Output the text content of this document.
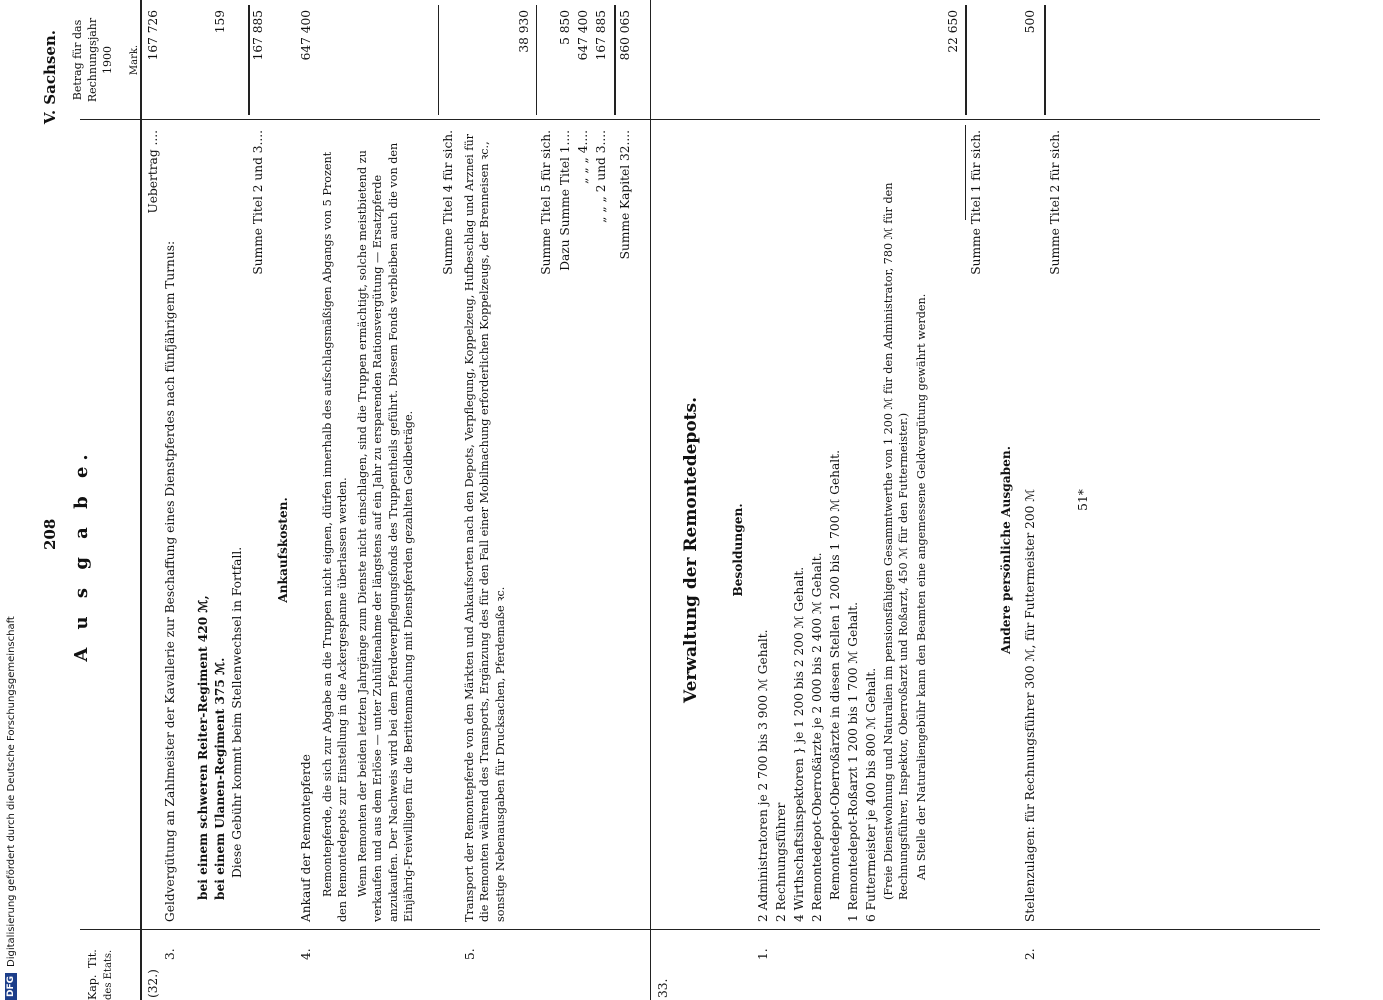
DFG
Digitalisierung gefördert durch die Deutsche Forschungsgemeinschaft
208
V. Sachsen.
A u s g a b e.
Kap.
Tit. des Etats.
Betrag für das Rechnungsjahr 1900 Mark.
(32.)
3.
Uebertrag ....
167 726
Geldvergütung an Zahlmeister der Kavallerie zur Beschaffung eines Dienstpferdes nach fünfjährigem Turnus: bei einem schweren Reiter-Regiment 420 ℳ, bei einem Ulanen-Regiment 375 ℳ.
159
Diese Gebühr kommt beim Stellenwechsel in Fortfall.
Summe Titel 2 und 3....
167 885
Ankaufskosten.
4.
Ankauf der Remontepferde
647 400
Remontepferde, die sich zur Abgabe an die Truppen nicht eignen, dürfen innerhalb des aufschlagsmäßigen Abgangs von 5 Prozent den Remontedepots zur Einstellung in die Ackergespanne überlassen werden. Wenn Remonten der beiden letzten Jahrgänge zum Dienste nicht einschlagen, sind die Truppen ermächtigt, solche meistbietend zu verkaufen und aus dem Erlöse — unter Zuhülfenahme der längstens auf ein Jahr zu ersparenden Rationsvergütung — Ersatzpferde anzukaufen. Der Nachweis wird bei dem Pferdeverpflegungsfonds des Truppentheils geführt. Diesem Fonds verbleiben auch die von den Einjährig-Freiwilligen für die Berittenmachung mit Dienstpferden gezahlten Geldbeträge.
Summe Titel 4 für sich.
5.
Transport der Remontepferde von den Märkten und Ankaufsorten nach den Depots, Verpflegung, Koppelzeug, Hufbeschlag und Arznei für die Remonten während des Transports, Ergänzung des für den Fall einer Mobilmachung erforderlichen Koppelzeugs, der Brenneisen ꝛc., sonstige Nebenausgaben für Drucksachen, Pferdemaße ꝛc.
38 930
Summe Titel 5 für sich. Dazu Summe Titel 1....
5 850
„ „ „ 4....
647 400
„ „ „ 2 und 3....
167 885
Summe Kapitel 32....
860 065
33.
Verwaltung der Remontedepots. Besoldungen.
1.
2 Administratoren je 2 700 bis 3 900 ℳ Gehalt. 2 Rechnungsführer 4 Wirthschaftsinspektoren } je 1 200 bis 2 200 ℳ Gehalt. 2 Remontedepot-Oberroßärzte je 2 000 bis 2 400 ℳ Gehalt. Remontedepot-Oberroßärzte in diesen Stellen 1 200 bis 1 700 ℳ Gehalt. 1 Remontedepot-Roßarzt 1 200 bis 1 700 ℳ Gehalt. 6 Futtermeister je 400 bis 800 ℳ Gehalt. (Freie Dienstwohnung und Naturalien im pensionsfähigen Gesammtwerthe von 1 200 ℳ für den Administrator, 780 ℳ für den Rechnungsführer, Inspektor, Oberroßarzt und Roßarzt, 450 ℳ für den Futtermeister.) An Stelle der Naturaliengebühr kann den Beamten eine angemessene Geldvergütung gewährt werden.
22 650
Summe Titel 1 für sich.
Andere persönliche Ausgaben.
2.
Stellenzulagen: für Rechnungsführer 300 ℳ, für Futtermeister 200 ℳ
500
Summe Titel 2 für sich.
51*
